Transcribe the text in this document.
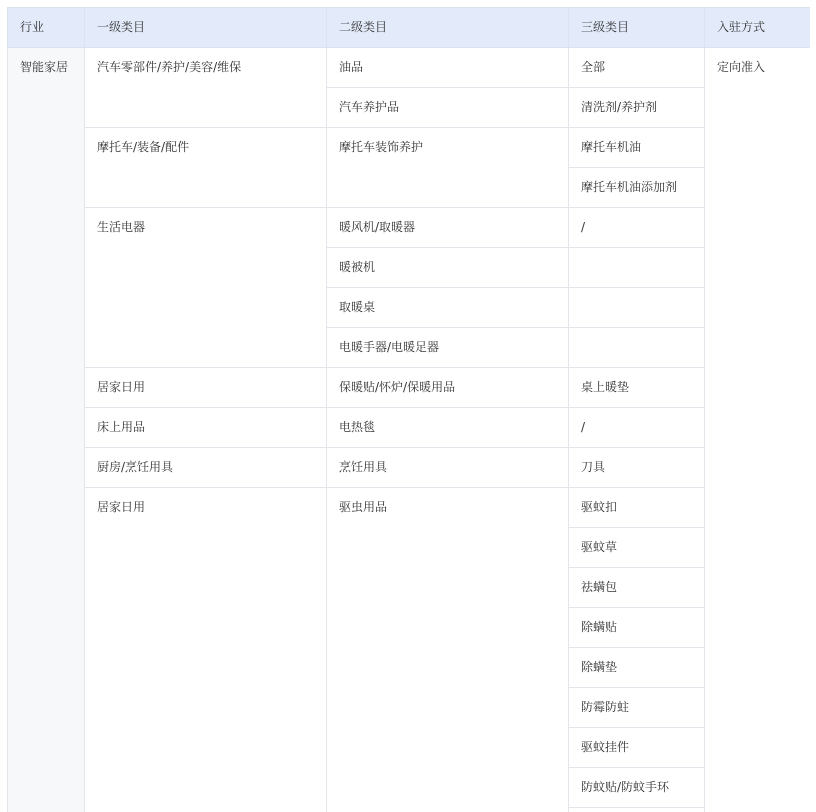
行业	一级类目	二级类目	三级类目	入驻方式
智能家居	汽车零部件/养护/美容/维保	油品	全部	定向准入
		汽车养护品	清洗剂/养护剂	
	摩托车/装备/配件	摩托车装饰养护	摩托车机油	
			摩托车机油添加剂	
	生活电器	暖风机/取暖器	/	
		暖被机		
		取暖桌		
		电暖手器/电暖足器		
	居家日用	保暖贴/怀炉/保暖用品	桌上暖垫	
	床上用品	电热毯	/	
	厨房/烹饪用具	烹饪用具	刀具	
	居家日用	驱虫用品	驱蚊扣	
			驱蚊草	
			祛螨包	
			除螨贴	
			除螨垫	
			防霉防蛀	
			驱蚊挂件	
			防蚊贴/防蚊手环	
